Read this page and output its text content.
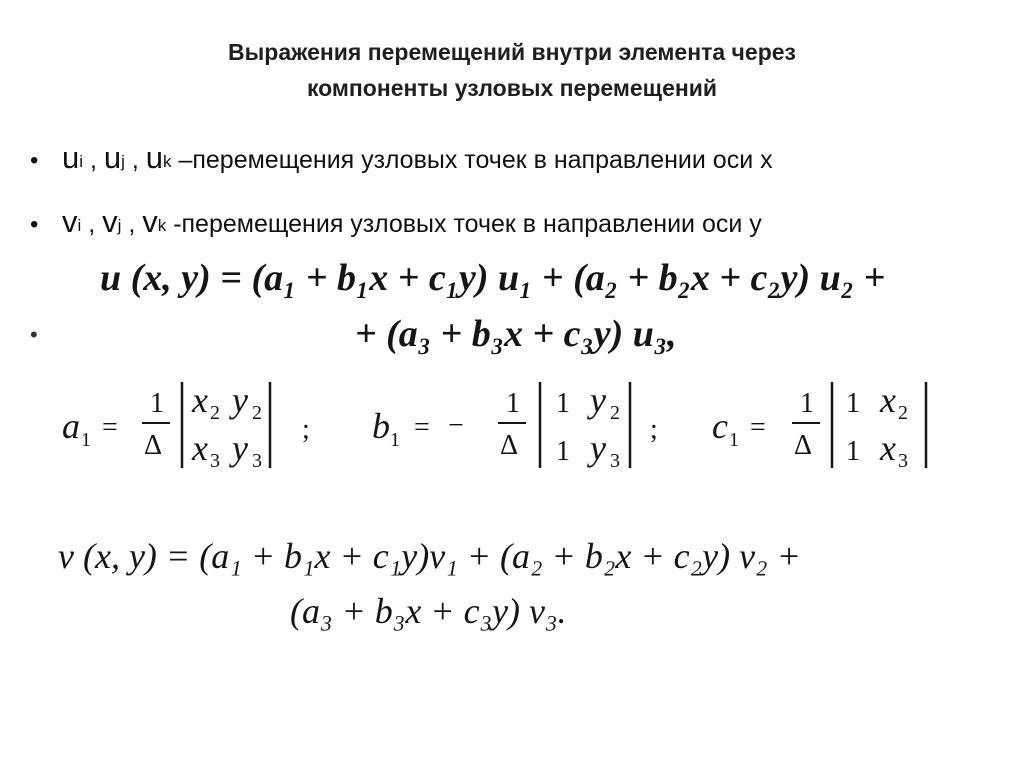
Выражения перемещений внутри элемента через
компоненты узловых перемещений
• ui , uj , uk –перемещения узловых точек в направлении оси x
• vi , vj , vk -перемещения узловых точек в направлении оси y
•
u (x, y) = (a₁ + b₁x + c₁y) u₁ + (a₂ + b₂x + c₂y) u₂ +
+ (a₃ + b₃x + c₃y) u₃,
a 1 =
1
Δ
x 2 y 2
x 3 y 3
; b 1 = −
1
Δ
1 y 2
1 y 3
; c 1 =
1
Δ
1 x 2
1 x 3
v (x, y) = (a₁ + b₁x + c₁y)v₁ + (a₂ + b₂x + c₂y) v₂ +
(a₃ + b₃x + c₃y) v₃.
